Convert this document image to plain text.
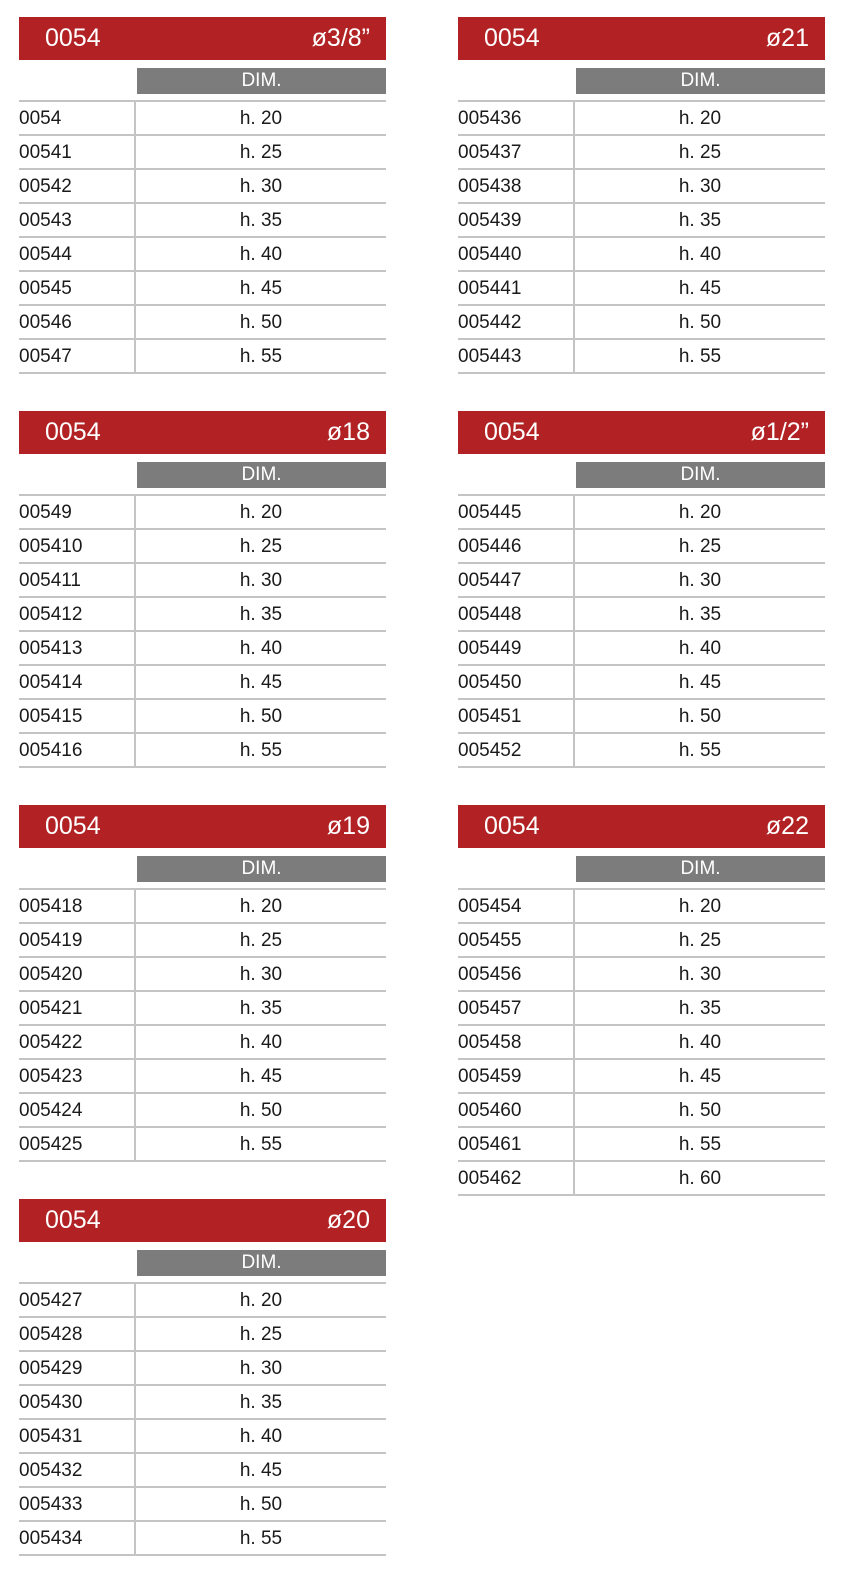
0054	ø3/8”
DIM.
0054	h. 20
00541	h. 25
00542	h. 30
00543	h. 35
00544	h. 40
00545	h. 45
00546	h. 50
00547	h. 55
0054	ø21
DIM.
005436	h. 20
005437	h. 25
005438	h. 30
005439	h. 35
005440	h. 40
005441	h. 45
005442	h. 50
005443	h. 55
0054	ø18
DIM.
00549	h. 20
005410	h. 25
005411	h. 30
005412	h. 35
005413	h. 40
005414	h. 45
005415	h. 50
005416	h. 55
0054	ø1/2”
DIM.
005445	h. 20
005446	h. 25
005447	h. 30
005448	h. 35
005449	h. 40
005450	h. 45
005451	h. 50
005452	h. 55
0054	ø19
DIM.
005418	h. 20
005419	h. 25
005420	h. 30
005421	h. 35
005422	h. 40
005423	h. 45
005424	h. 50
005425	h. 55
0054	ø22
DIM.
005454	h. 20
005455	h. 25
005456	h. 30
005457	h. 35
005458	h. 40
005459	h. 45
005460	h. 50
005461	h. 55
005462	h. 60
0054	ø20
DIM.
005427	h. 20
005428	h. 25
005429	h. 30
005430	h. 35
005431	h. 40
005432	h. 45
005433	h. 50
005434	h. 55
